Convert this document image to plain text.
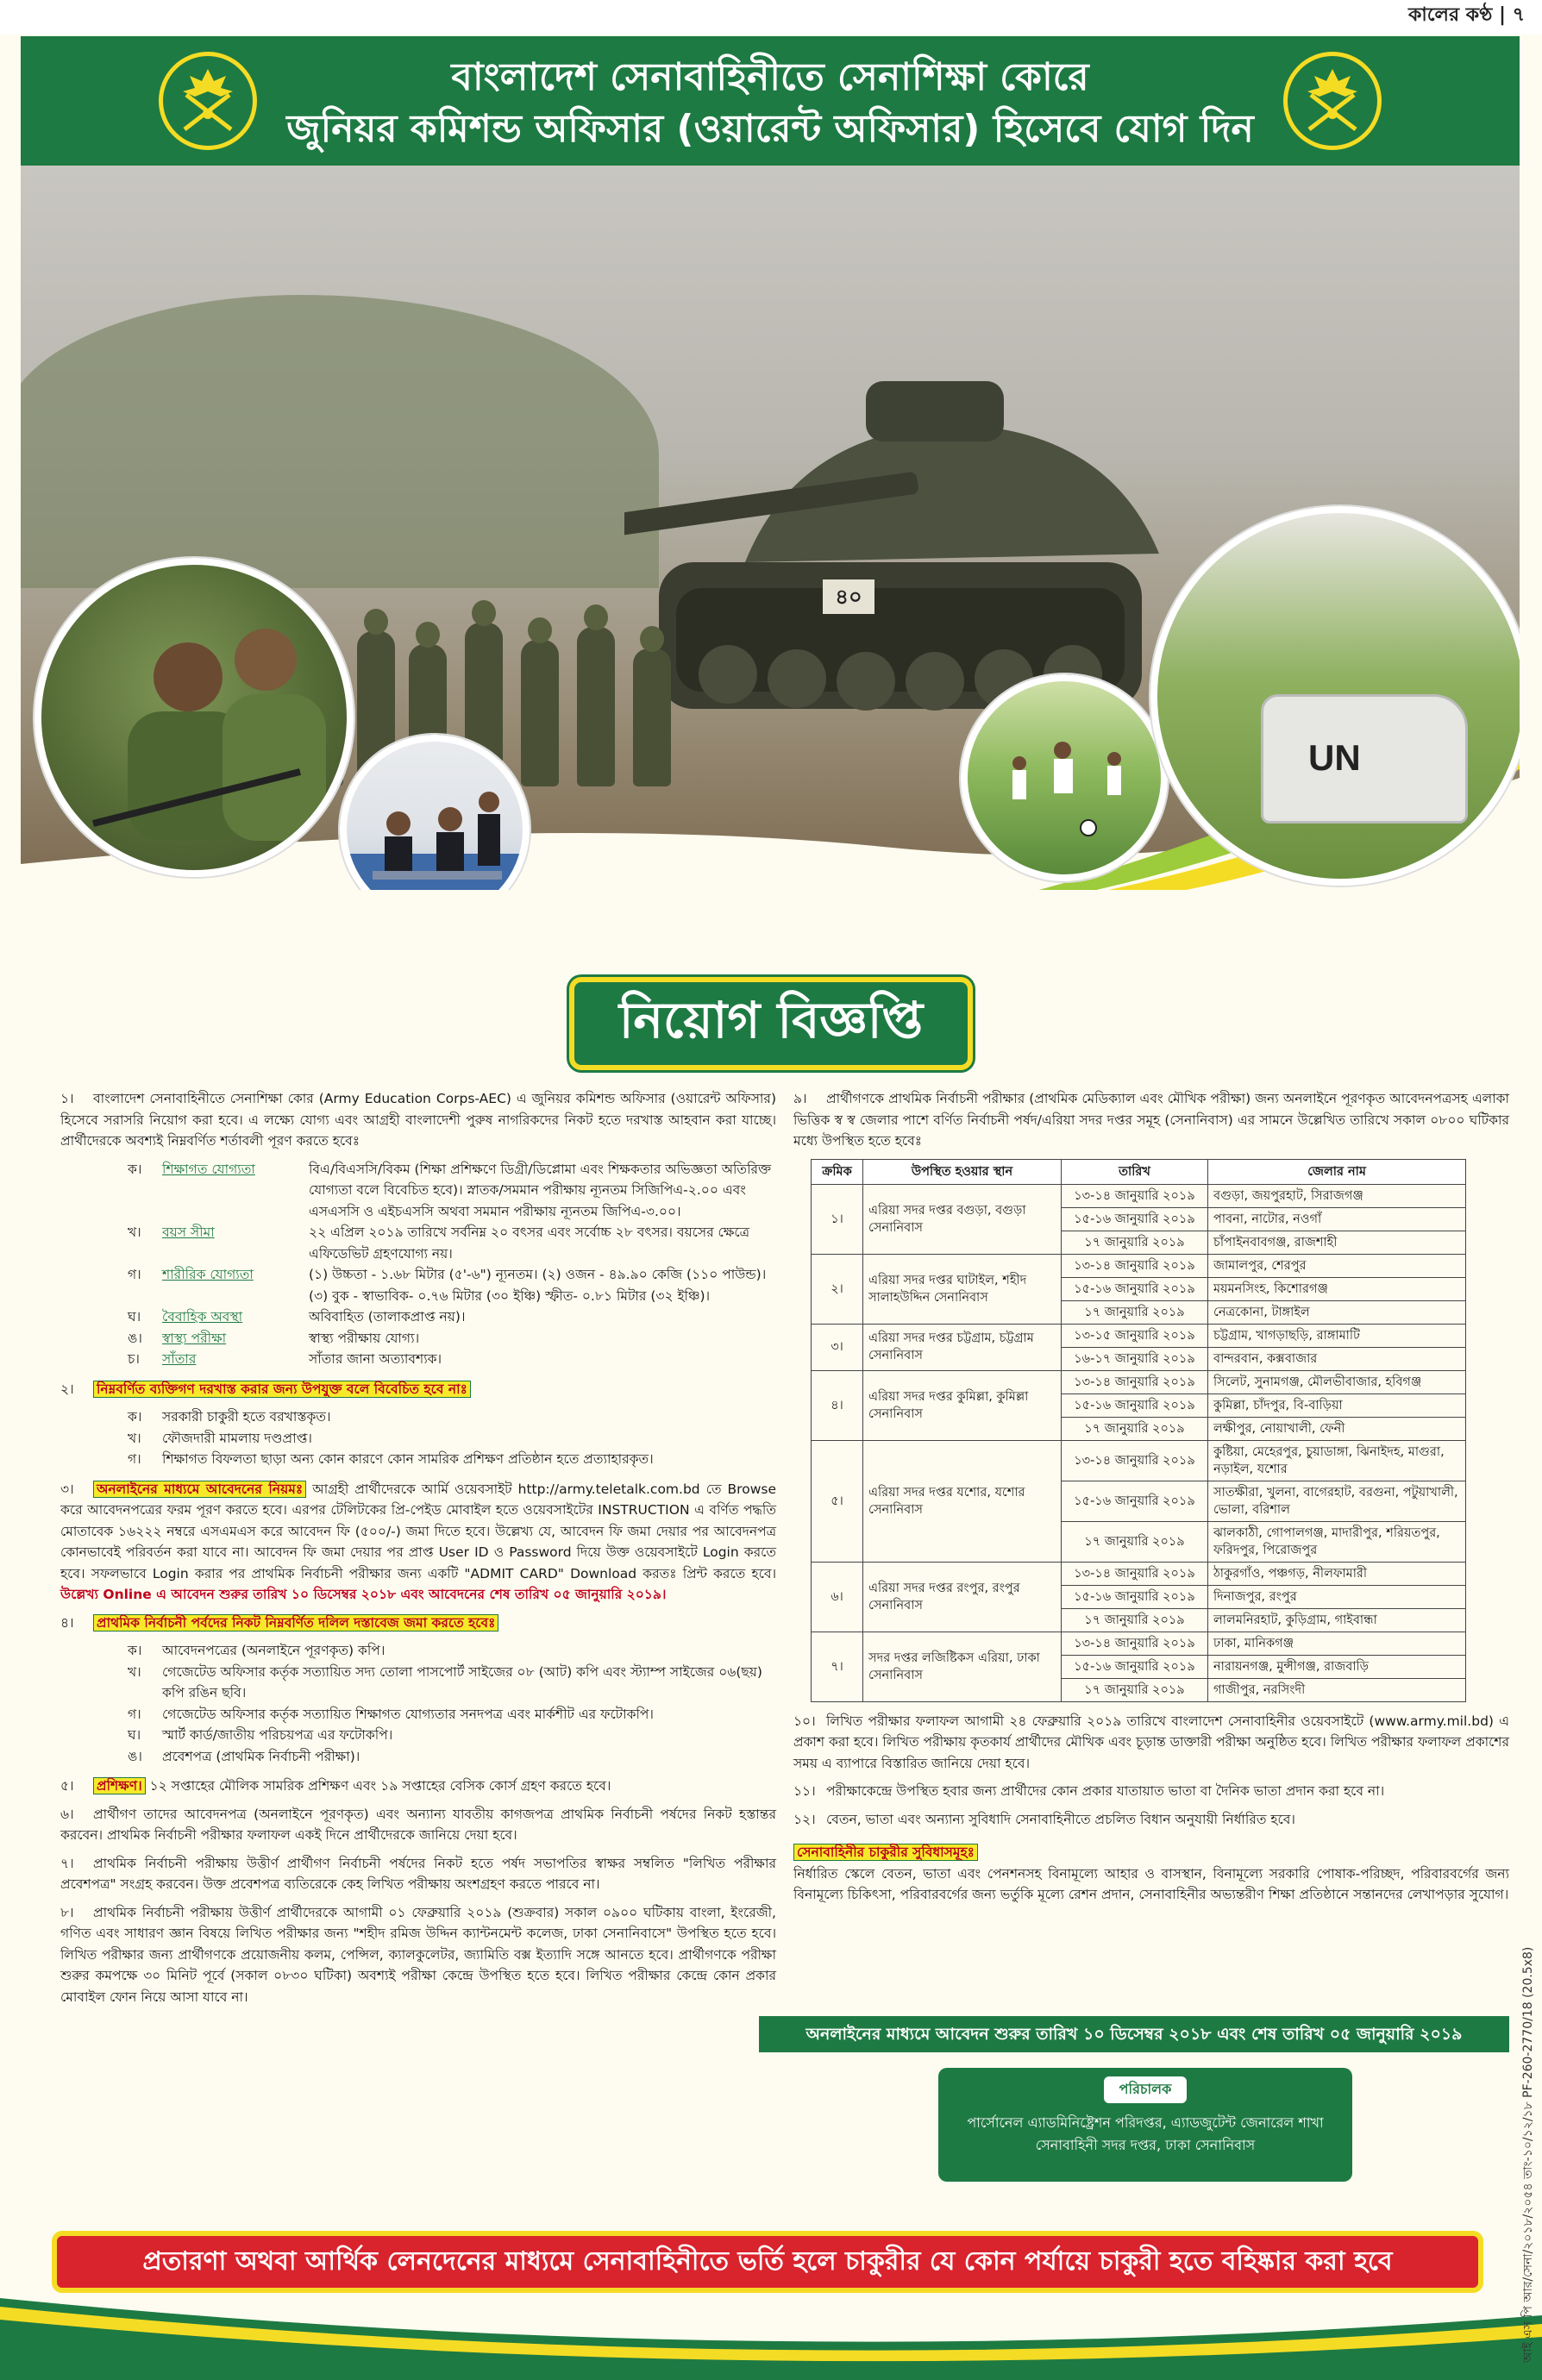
কালের কণ্ঠ | ৭
বাংলাদেশ সেনাবাহিনীতে সেনাশিক্ষা কোরে
জুনিয়র কমিশন্ড অফিসার (ওয়ারেন্ট অফিসার) হিসেবে যোগ দিন
৪০
UN
নিয়োগ বিজ্ঞপ্তি
১। বাংলাদেশ সেনাবাহিনীতে সেনাশিক্ষা কোর (Army Education Corps-AEC) এ জুনিয়র কমিশন্ড অফিসার (ওয়ারেন্ট অফিসার) হিসেবে সরাসরি নিয়োগ করা হবে। এ লক্ষ্যে যোগ্য এবং আগ্রহী বাংলাদেশী পুরুষ নাগরিকদের নিকট হতে দরখাস্ত আহবান করা যাচ্ছে। প্রার্থীদেরকে অবশ্যই নিম্নবর্ণিত শর্তাবলী পূরণ করতে হবেঃ
ক।	শিক্ষাগত যোগ্যতা	বিএ/বিএসসি/বিকম (শিক্ষা প্রশিক্ষণে ডিগ্রী/ডিপ্লোমা এবং শিক্ষকতার অভিজ্ঞতা অতিরিক্ত যোগ্যতা বলে বিবেচিত হবে)। স্নাতক/সমমান পরীক্ষায় ন্যূনতম সিজিপিএ-২.০০ এবং এসএসসি ও এইচএসসি অথবা সমমান পরীক্ষায় ন্যূনতম জিপিএ-৩.০০।
খ।	বয়স সীমা	২২ এপ্রিল ২০১৯ তারিখে সর্বনিম্ন ২০ বৎসর এবং সর্বোচ্চ ২৮ বৎসর। বয়সের ক্ষেত্রে এফিডেভিট গ্রহণযোগ্য নয়।
গ।	শারীরিক যোগ্যতা	(১) উচ্চতা - ১.৬৮ মিটার (৫'-৬") ন্যূনতম। (২) ওজন - ৪৯.৯০ কেজি (১১০ পাউন্ড)। (৩) বুক - স্বাভাবিক- ০.৭৬ মিটার (৩০ ইঞ্চি) স্ফীত- ০.৮১ মিটার (৩২ ইঞ্চি)।
ঘ।	বৈবাহিক অবস্থা	অবিবাহিত (তালাকপ্রাপ্ত নয়)।
ঙ।	স্বাস্থ্য পরীক্ষা	স্বাস্থ্য পরীক্ষায় যোগ্য।
চ।	সাঁতার	সাঁতার জানা অত্যাবশ্যক।
২। নিম্নবর্ণিত ব্যক্তিগণ দরখাস্ত করার জন্য উপযুক্ত বলে বিবেচিত হবে নাঃ
ক।	সরকারী চাকুরী হতে বরখাস্তকৃত।
খ।	ফৌজদারী মামলায় দণ্ডপ্রাপ্ত।
গ।	শিক্ষাগত বিফলতা ছাড়া অন্য কোন কারণে কোন সামরিক প্রশিক্ষণ প্রতিষ্ঠান হতে প্রত্যাহারকৃত।
৩। অনলাইনের মাধ্যমে আবেদনের নিয়মঃ আগ্রহী প্রার্থীদেরকে আর্মি ওয়েবসাইট http://army.teletalk.com.bd তে Browse করে আবেদনপত্রের ফরম পূরণ করতে হবে। এরপর টেলিটকের প্রি-পেইড মোবাইল হতে ওয়েবসাইটের INSTRUCTION এ বর্ণিত পদ্ধতি মোতাবেক ১৬২২২ নম্বরে এসএমএস করে আবেদন ফি (৫০০/-) জমা দিতে হবে। উল্লেখ্য যে, আবেদন ফি জমা দেয়ার পর আবেদনপত্র কোনভাবেই পরিবর্তন করা যাবে না। আবেদন ফি জমা দেয়ার পর প্রাপ্ত User ID ও Password দিয়ে উক্ত ওয়েবসাইটে Login করতে হবে। সফলভাবে Login করার পর প্রাথমিক নির্বাচনী পরীক্ষার জন্য একটি "ADMIT CARD" Download করতঃ প্রিন্ট করতে হবে। উল্লেখ্য Online এ আবেদন শুরুর তারিখ ১০ ডিসেম্বর ২০১৮ এবং আবেদনের শেষ তারিখ ০৫ জানুয়ারি ২০১৯।
৪। প্রাথমিক নির্বাচনী পর্বদের নিকট নিম্নবর্ণিত দলিল দস্তাবেজ জমা করতে হবেঃ
ক।	আবেদনপত্রের (অনলাইনে পূরণকৃত) কপি।
খ।	গেজেটেড অফিসার কর্তৃক সত্যায়িত সদ্য তোলা পাসপোর্ট সাইজের ০৮ (আট) কপি এবং স্ট্যাম্প সাইজের ০৬(ছয়) কপি রঙিন ছবি।
গ।	গেজেটেড অফিসার কর্তৃক সত্যায়িত শিক্ষাগত যোগ্যতার সনদপত্র এবং মার্কশীট এর ফটোকপি।
ঘ।	স্মার্ট কার্ড/জাতীয় পরিচয়পত্র এর ফটোকপি।
ঙ।	প্রবেশপত্র (প্রাথমিক নির্বাচনী পরীক্ষা)।
৫। প্রশিক্ষণ। ১২ সপ্তাহের মৌলিক সামরিক প্রশিক্ষণ এবং ১৯ সপ্তাহের বেসিক কোর্স গ্রহণ করতে হবে।
৬। প্রার্থীগণ তাদের আবেদনপত্র (অনলাইনে পূরণকৃত) এবং অন্যান্য যাবতীয় কাগজপত্র প্রাথমিক নির্বাচনী পর্ষদের নিকট হস্তান্তর করবেন। প্রাথমিক নির্বাচনী পরীক্ষার ফলাফল একই দিনে প্রার্থীদেরকে জানিয়ে দেয়া হবে।
৭। প্রাথমিক নির্বাচনী পরীক্ষায় উত্তীর্ণ প্রার্থীগণ নির্বাচনী পর্ষদের নিকট হতে পর্ষদ সভাপতির স্বাক্ষর সম্বলিত "লিখিত পরীক্ষার প্রবেশপত্র" সংগ্রহ করবেন। উক্ত প্রবেশপত্র ব্যতিরেকে কেহ লিখিত পরীক্ষায় অংশগ্রহণ করতে পারবে না।
৮। প্রাথমিক নির্বাচনী পরীক্ষায় উত্তীর্ণ প্রার্থীদেরকে আগামী ০১ ফেব্রুয়ারি ২০১৯ (শুক্রবার) সকাল ০৯০০ ঘটিকায় বাংলা, ইংরেজী, গণিত এবং সাধারণ জ্ঞান বিষয়ে লিখিত পরীক্ষার জন্য "শহীদ রমিজ উদ্দিন ক্যান্টনমেন্ট কলেজ, ঢাকা সেনানিবাসে" উপস্থিত হতে হবে। লিখিত পরীক্ষার জন্য প্রার্থীগণকে প্রয়োজনীয় কলম, পেন্সিল, ক্যালকুলেটর, জ্যামিতি বক্স ইত্যাদি সঙ্গে আনতে হবে। প্রার্থীগণকে পরীক্ষা শুরুর কমপক্ষে ৩০ মিনিট পূর্বে (সকাল ০৮৩০ ঘটিকা) অবশ্যই পরীক্ষা কেন্দ্রে উপস্থিত হতে হবে। লিখিত পরীক্ষার কেন্দ্রে কোন প্রকার মোবাইল ফোন নিয়ে আসা যাবে না।
৯। প্রার্থীগণকে প্রাথমিক নির্বাচনী পরীক্ষার (প্রাথমিক মেডিক্যাল এবং মৌখিক পরীক্ষা) জন্য অনলাইনে পূরণকৃত আবেদনপত্রসহ এলাকা ভিত্তিক স্ব স্ব জেলার পাশে বর্ণিত নির্বাচনী পর্ষদ/এরিয়া সদর দপ্তর সমূহ (সেনানিবাস) এর সামনে উল্লেখিত তারিখে সকাল ০৮০০ ঘটিকার মধ্যে উপস্থিত হতে হবেঃ
ক্রমিক	উপস্থিত হওয়ার স্থান	তারিখ	জেলার নাম
১।	এরিয়া সদর দপ্তর বগুড়া, বগুড়া সেনানিবাস	১৩-১৪ জানুয়ারি ২০১৯	বগুড়া, জয়পুরহাট, সিরাজগঞ্জ
		১৫-১৬ জানুয়ারি ২০১৯	পাবনা, নাটোর, নওগাঁ
		১৭ জানুয়ারি ২০১৯	চাঁপাইনবাবগঞ্জ, রাজশাহী
২।	এরিয়া সদর দপ্তর ঘাটাইল, শহীদ সালাহউদ্দিন সেনানিবাস	১৩-১৪ জানুয়ারি ২০১৯	জামালপুর, শেরপুর
		১৫-১৬ জানুয়ারি ২০১৯	ময়মনসিংহ, কিশোরগঞ্জ
		১৭ জানুয়ারি ২০১৯	নেত্রকোনা, টাঙ্গাইল
৩।	এরিয়া সদর দপ্তর চট্টগ্রাম, চট্টগ্রাম সেনানিবাস	১৩-১৫ জানুয়ারি ২০১৯	চট্টগ্রাম, খাগড়াছড়ি, রাঙ্গামাটি
		১৬-১৭ জানুয়ারি ২০১৯	বান্দরবান, কক্সবাজার
৪।	এরিয়া সদর দপ্তর কুমিল্লা, কুমিল্লা সেনানিবাস	১৩-১৪ জানুয়ারি ২০১৯	সিলেট, সুনামগঞ্জ, মৌলভীবাজার, হবিগঞ্জ
		১৫-১৬ জানুয়ারি ২০১৯	কুমিল্লা, চাঁদপুর, বি-বাড়িয়া
		১৭ জানুয়ারি ২০১৯	লক্ষীপুর, নোয়াখালী, ফেনী
৫।	এরিয়া সদর দপ্তর যশোর, যশোর সেনানিবাস	১৩-১৪ জানুয়ারি ২০১৯	কুষ্টিয়া, মেহেরপুর, চুয়াডাঙ্গা, ঝিনাইদহ, মাগুরা, নড়াইল, যশোর
		১৫-১৬ জানুয়ারি ২০১৯	সাতক্ষীরা, খুলনা, বাগেরহাট, বরগুনা, পটুয়াখালী, ভোলা, বরিশাল
		১৭ জানুয়ারি ২০১৯	ঝালকাঠী, গোপালগঞ্জ, মাদারীপুর, শরিয়তপুর, ফরিদপুর, পিরোজপুর
৬।	এরিয়া সদর দপ্তর রংপুর, রংপুর সেনানিবাস	১৩-১৪ জানুয়ারি ২০১৯	ঠাকুরগাঁও, পঞ্চগড়, নীলফামারী
		১৫-১৬ জানুয়ারি ২০১৯	দিনাজপুর, রংপুর
		১৭ জানুয়ারি ২০১৯	লালমনিরহাট, কুড়িগ্রাম, গাইবান্ধা
৭।	সদর দপ্তর লজিষ্টিকস এরিয়া, ঢাকা সেনানিবাস	১৩-১৪ জানুয়ারি ২০১৯	ঢাকা, মানিকগঞ্জ
		১৫-১৬ জানুয়ারি ২০১৯	নারায়নগঞ্জ, মুন্সীগঞ্জ, রাজবাড়ি
		১৭ জানুয়ারি ২০১৯	গাজীপুর, নরসিংদী
১০। লিখিত পরীক্ষার ফলাফল আগামী ২৪ ফেব্রুয়ারি ২০১৯ তারিখে বাংলাদেশ সেনাবাহিনীর ওয়েবসাইটে (www.army.mil.bd) এ প্রকাশ করা হবে। লিখিত পরীক্ষায় কৃতকার্য প্রার্থীদের মৌখিক এবং চূড়ান্ত ডাক্তারী পরীক্ষা অনুষ্ঠিত হবে। লিখিত পরীক্ষার ফলাফল প্রকাশের সময় এ ব্যাপারে বিস্তারিত জানিয়ে দেয়া হবে।
১১। পরীক্ষাকেন্দ্রে উপস্থিত হবার জন্য প্রার্থীদের কোন প্রকার যাতায়াত ভাতা বা দৈনিক ভাতা প্রদান করা হবে না।
১২। বেতন, ভাতা এবং অন্যান্য সুবিধাদি সেনাবাহিনীতে প্রচলিত বিধান অনুযায়ী নির্ধারিত হবে।
সেনাবাহিনীর চাকুরীর সুবিধাসমূহঃ
নির্ধারিত স্কেলে বেতন, ভাতা এবং পেনশনসহ বিনামূল্যে আহার ও বাসস্থান, বিনামূল্যে সরকারি পোষাক-পরিচ্ছদ, পরিবারবর্গের জন্য বিনামূল্যে চিকিৎসা, পরিবারবর্গের জন্য ভর্তুকি মূল্যে রেশন প্রদান, সেনাবাহিনীর অভ্যন্তরীণ শিক্ষা প্রতিষ্ঠানে সন্তানদের লেখাপড়ার সুযোগ।
অনলাইনের মাধ্যমে আবেদন শুরুর তারিখ ১০ ডিসেম্বর ২০১৮ এবং শেষ তারিখ ০৫ জানুয়ারি ২০১৯
পরিচালক
পার্সোনেল এ্যাডমিনিষ্ট্রেশন পরিদপ্তর, এ্যাডজুটেন্ট জেনারেল শাখা
সেনাবাহিনী সদর দপ্তর, ঢাকা সেনানিবাস
প্রতারণা অথবা আর্থিক লেনদেনের মাধ্যমে সেনাবাহিনীতে ভর্তি হলে চাকুরীর যে কোন পর্যায়ে চাকুরী হতে বহিষ্কার করা হবে	আই এস পি আর/সেনা/২০১৮/২০৫৪ তাং-১০/১২/১৮ PF-260-2770/18 (20.5x8)
